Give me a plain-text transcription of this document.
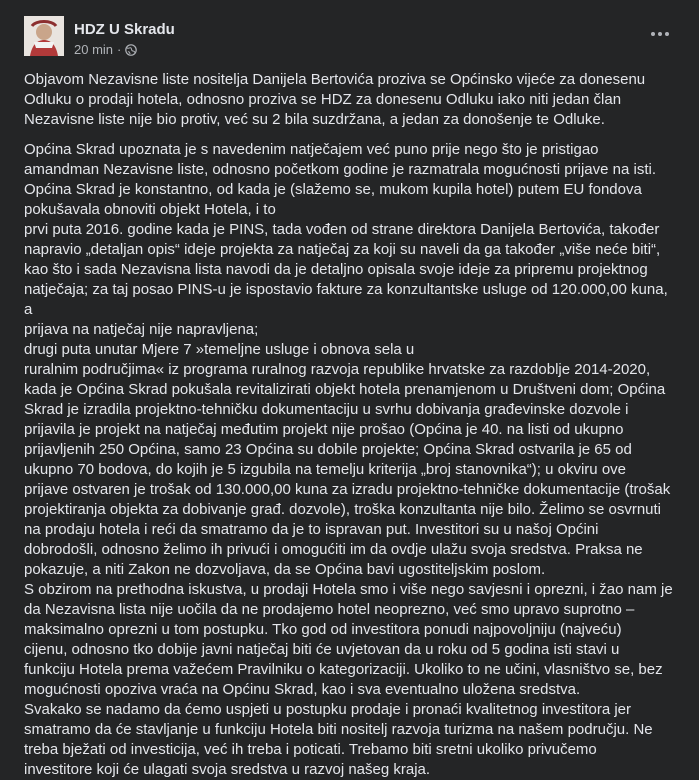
HDZ U Skradu
20 min ·

Objavom Nezavisne liste nositelja Danijela Bertovića proziva se Općinsko vijeće za donesenu
Odluku o prodaji hotela, odnosno proziva se HDZ za donesenu Odluku iako niti jedan član
Nezavisne liste nije bio protiv, već su 2 bila suzdržana, a jedan za donošenje te Odluke.

Općina Skrad upoznata je s navedenim natječajem već puno prije nego što je pristigao
amandman Nezavisne liste, odnosno početkom godine je razmatrala mogućnosti prijave na isti.
Općina Skrad je konstantno, od kada je (slažemo se, mukom kupila hotel) putem EU fondova
pokušavala obnoviti objekt Hotela, i to
prvi puta 2016. godine kada je PINS, tada vođen od strane direktora Danijela Bertovića, također
napravio „detaljan opis“ ideje projekta za natječaj za koji su naveli da ga također „više neće biti“,
kao što i sada Nezavisna lista navodi da je detaljno opisala svoje ideje za pripremu projektnog
natječaja; za taj posao PINS-u je ispostavio fakture za konzultantske usluge od 120.000,00 kuna, a
prijava na natječaj nije napravljena;
drugi puta unutar Mjere 7 »temeljne usluge i obnova sela u
ruralnim područjima« iz programa ruralnog razvoja republike hrvatske za razdoblje 2014-2020,
kada je Općina Skrad pokušala revitalizirati objekt hotela prenamjenom u Društveni dom; Općina
Skrad je izradila projektno-tehničku dokumentaciju u svrhu dobivanja građevinske dozvole i
prijavila je projekt na natječaj međutim projekt nije prošao (Općina je 40. na listi od ukupno
prijavljenih 250 Općina, samo 23 Općina su dobile projekte; Općina Skrad ostvarila je 65 od
ukupno 70 bodova, do kojih je 5 izgubila na temelju kriterija „broj stanovnika“); u okviru ove
prijave ostvaren je trošak od 130.000,00 kuna za izradu projektno-tehničke dokumentacije (trošak
projektiranja objekta za dobivanje građ. dozvole), troška konzultanta nije bilo. Želimo se osvrnuti
na prodaju hotela i reći da smatramo da je to ispravan put. Investitori su u našoj Općini
dobrodošli, odnosno želimo ih privući i omogućiti im da ovdje ulažu svoja sredstva. Praksa ne
pokazuje, a niti Zakon ne dozvoljava, da se Općina bavi ugostiteljskim poslom.
S obzirom na prethodna iskustva, u prodaji Hotela smo i više nego savjesni i oprezni, i žao nam je
da Nezavisna lista nije uočila da ne prodajemo hotel neoprezno, već smo upravo suprotno –
maksimalno oprezni u tom postupku. Tko god od investitora ponudi najpovoljniju (najveću)
cijenu, odnosno tko dobije javni natječaj biti će uvjetovan da u roku od 5 godina isti stavi u
funkciju Hotela prema važećem Pravilniku o kategorizaciji. Ukoliko to ne učini, vlasništvo se, bez
mogućnosti opoziva vraća na Općinu Skrad, kao i sva eventualno uložena sredstva.
Svakako se nadamo da ćemo uspjeti u postupku prodaje i pronaći kvalitetnog investitora jer
smatramo da će stavljanje u funkciju Hotela biti nositelj razvoja turizma na našem području. Ne
treba bježati od investicija, već ih treba i poticati. Trebamo biti sretni ukoliko privučemo
investitore koji će ulagati svoja sredstva u razvoj našeg kraja.
